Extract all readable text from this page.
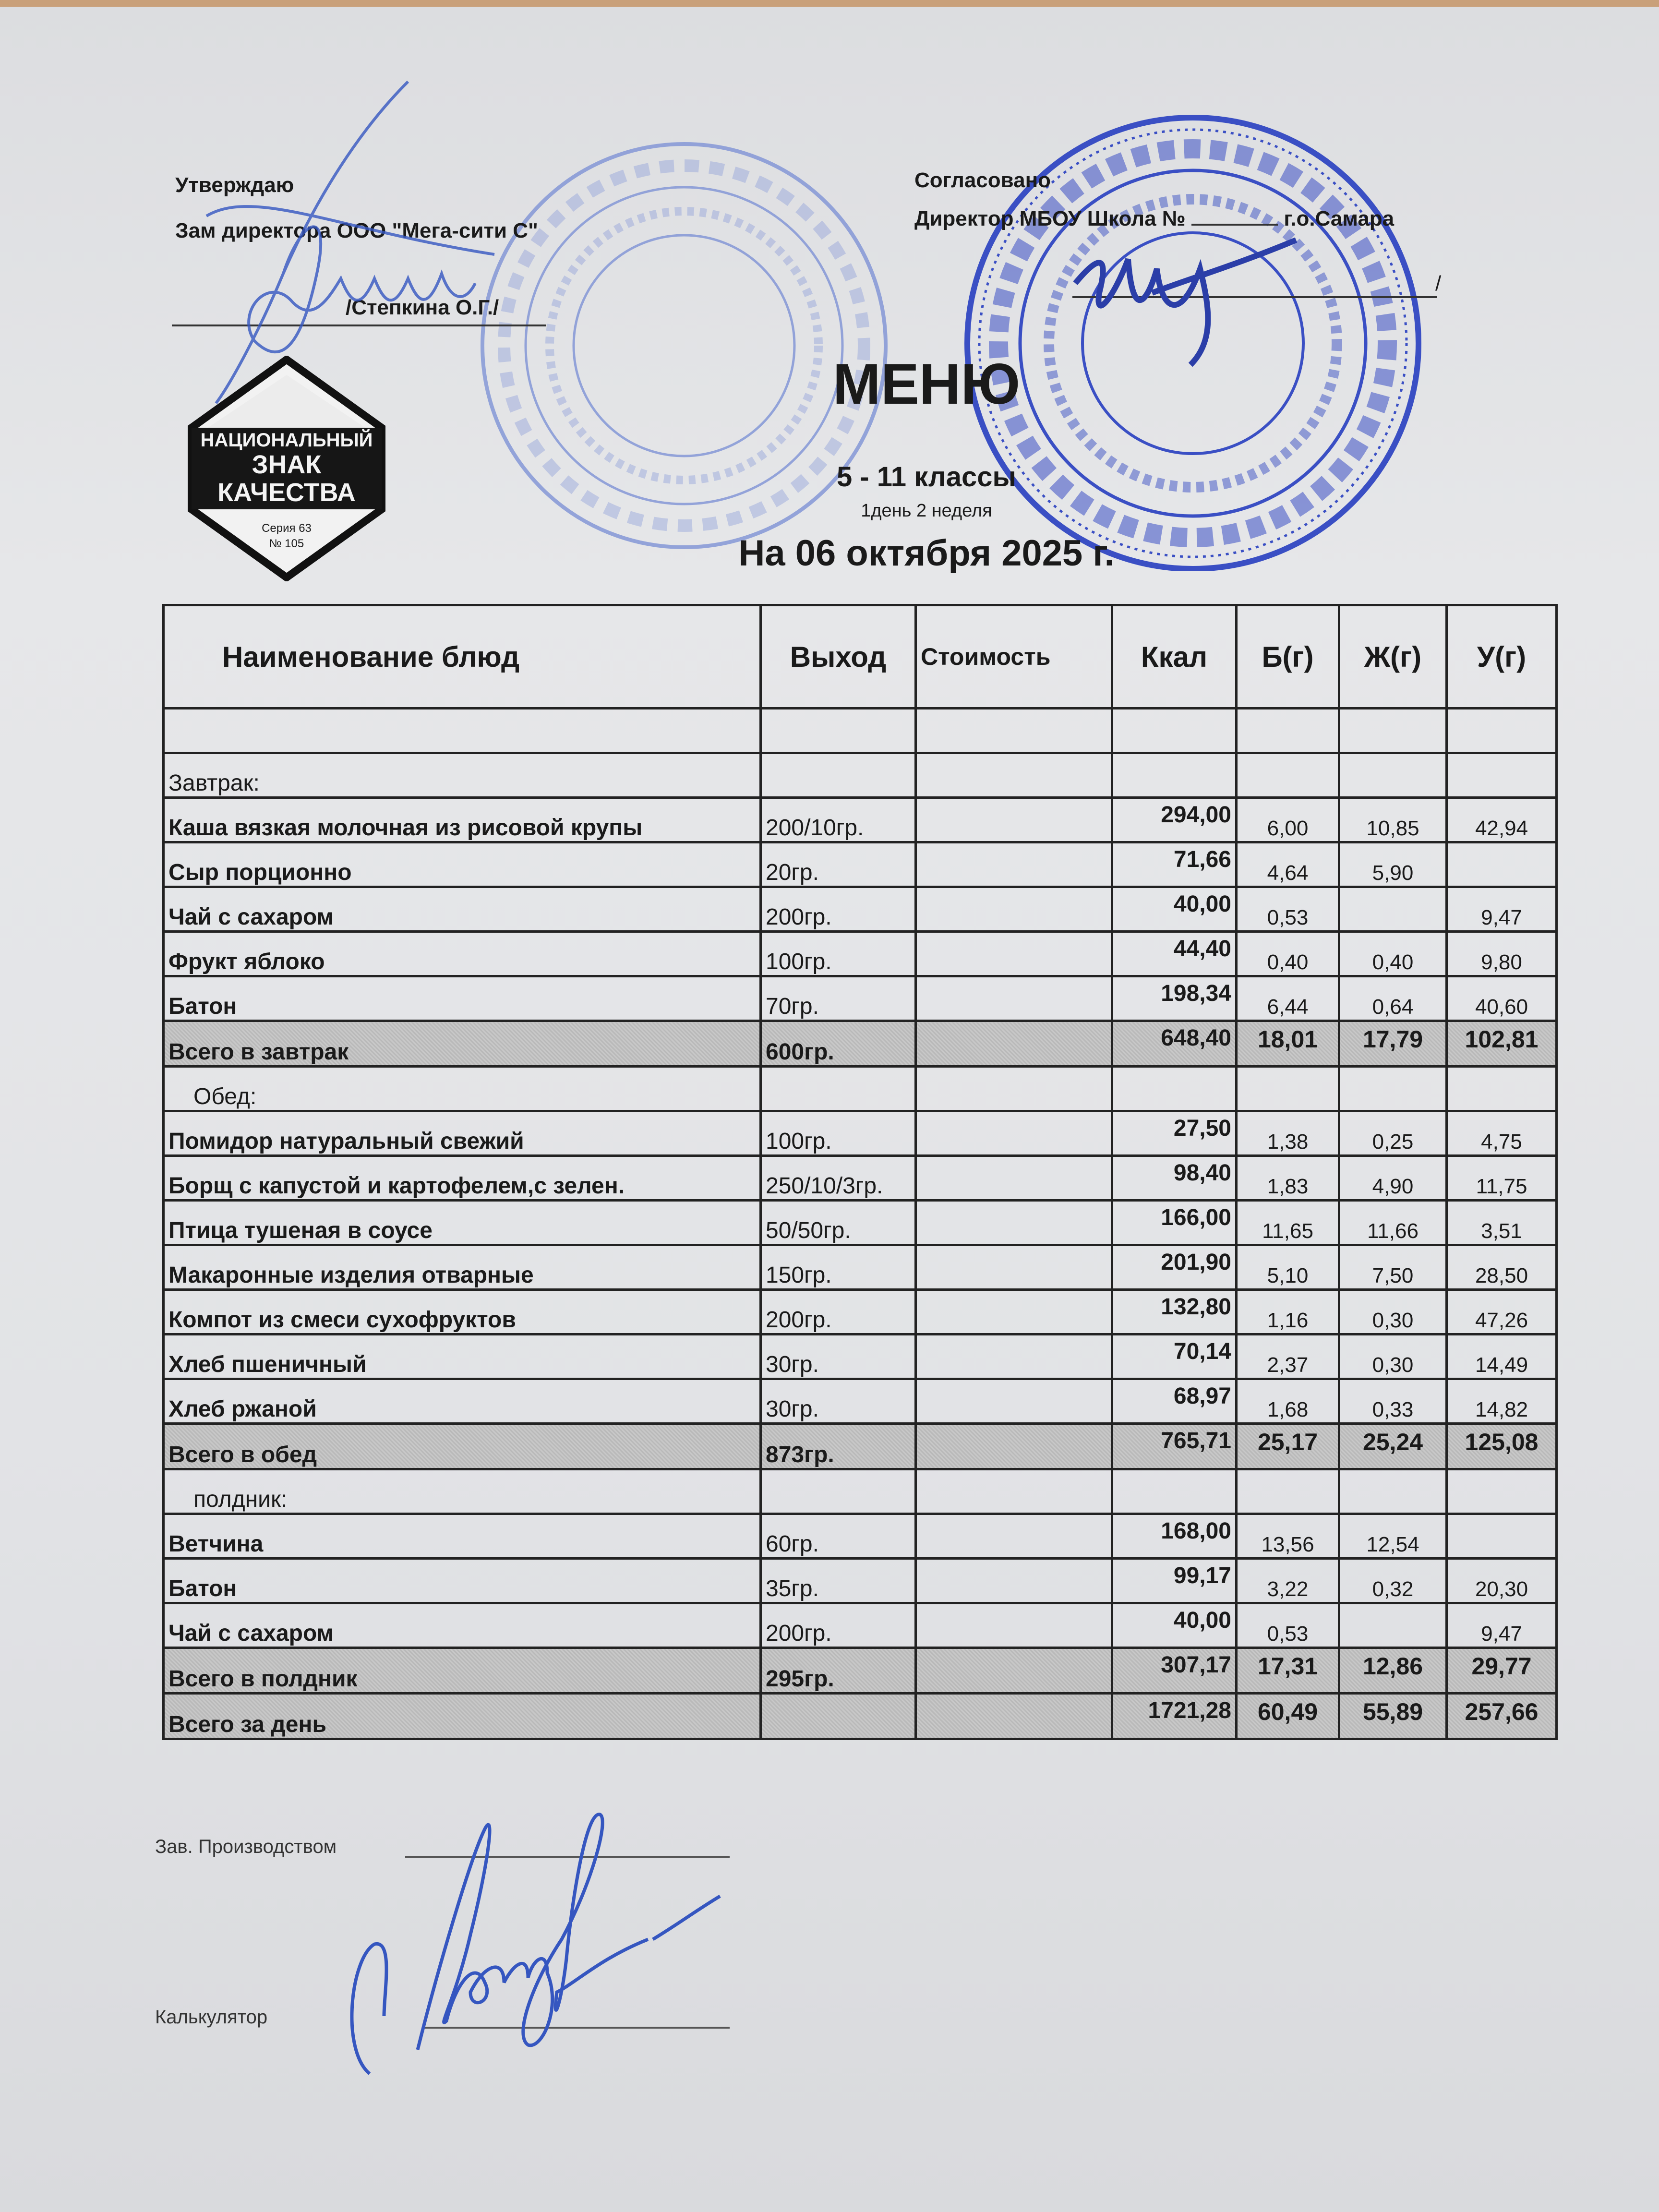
Утверждаю
Зам директора ООО "Мега-сити С"
/Степкина О.Г./
Согласовано
Директор МБОУ Школа №	г.о.Самара
/
НАЦИОНАЛЬНЫЙ
ЗНАК
КАЧЕСТВА
Серия 63
№ 105
МЕНЮ
5 - 11 классы
1день 2 неделя
На 06 октября 2025 г.
Наименование блюд	Выход	Стоимость	Ккал	Б(г)	Ж(г)	У(г)

Завтрак:						
Каша вязкая молочная из рисовой крупы	200/10гр.		294,00	6,00	10,85	42,94
Сыр порционно	20гр.		71,66	4,64	5,90	
Чай с сахаром	200гр.		40,00	0,53		9,47
Фрукт яблоко	100гр.		44,40	0,40	0,40	9,80
Батон	70гр.		198,34	6,44	0,64	40,60
Всего в завтрак	600гр.		648,40	18,01	17,79	102,81
Обед:						
Помидор натуральный свежий	100гр.		27,50	1,38	0,25	4,75
Борщ с капустой и картофелем,с зелен.	250/10/3гр.		98,40	1,83	4,90	11,75
Птица тушеная в соусе	50/50гр.		166,00	11,65	11,66	3,51
Макаронные изделия отварные	150гр.		201,90	5,10	7,50	28,50
Компот из смеси сухофруктов	200гр.		132,80	1,16	0,30	47,26
Хлеб пшеничный	30гр.		70,14	2,37	0,30	14,49
Хлеб ржаной	30гр.		68,97	1,68	0,33	14,82
Всего в обед	873гр.		765,71	25,17	25,24	125,08
полдник:						
Ветчина	60гр.		168,00	13,56	12,54	
Батон	35гр.		99,17	3,22	0,32	20,30
Чай с сахаром	200гр.		40,00	0,53		9,47
Всего в полдник	295гр.		307,17	17,31	12,86	29,77
Всего за день			1721,28	60,49	55,89	257,66
Зав. Производством
Калькулятор
